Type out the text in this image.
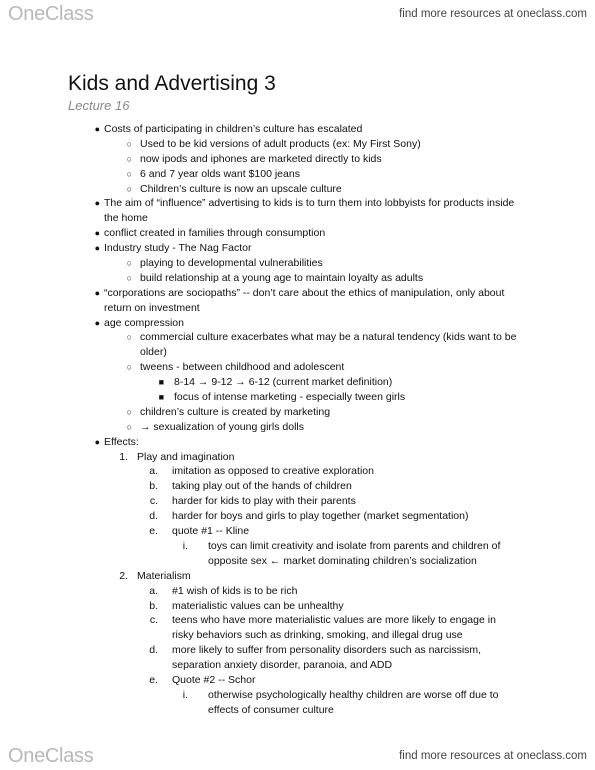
OneClass	find more resources at oneclass.com
Kids and Advertising 3
Lecture 16
● Costs of participating in children’s culture has escalated
○ Used to be kid versions of adult products (ex: My First Sony)
○ now ipods and iphones are marketed directly to kids
○ 6 and 7 year olds want $100 jeans
○ Children’s culture is now an upscale culture
● The aim of “influence” advertising to kids is to turn them into lobbyists for products inside
the home
● conflict created in families through consumption
● Industry study - The Nag Factor
○ playing to developmental vulnerabilities
○ build relationship at a young age to maintain loyalty as adults
● “corporations are sociopaths” -- don’t care about the ethics of manipulation, only about
return on investment
● age compression
○ commercial culture exacerbates what may be a natural tendency (kids want to be
older)
○ tweens - between childhood and adolescent
■ 8-14 → 9-12 → 6-12 (current market definition)
■ focus of intense marketing - especially tween girls
○ children’s culture is created by marketing
○ → sexualization of young girls dolls
● Effects:
1. Play and imagination
a. imitation as opposed to creative exploration
b. taking play out of the hands of children
c. harder for kids to play with their parents
d. harder for boys and girls to play together (market segmentation)
e. quote #1 -- Kline
i. toys can limit creativity and isolate from parents and children of
opposite sex ← market dominating children’s socialization
2. Materialism
a. #1 wish of kids is to be rich
b. materialistic values can be unhealthy
c. teens who have more materialistic values are more likely to engage in
risky behaviors such as drinking, smoking, and illegal drug use
d. more likely to suffer from personality disorders such as narcissism,
separation anxiety disorder, paranoia, and ADD
e. Quote #2 -- Schor
i. otherwise psychologically healthy children are worse off due to
effects of consumer culture
OneClass	find more resources at oneclass.com
